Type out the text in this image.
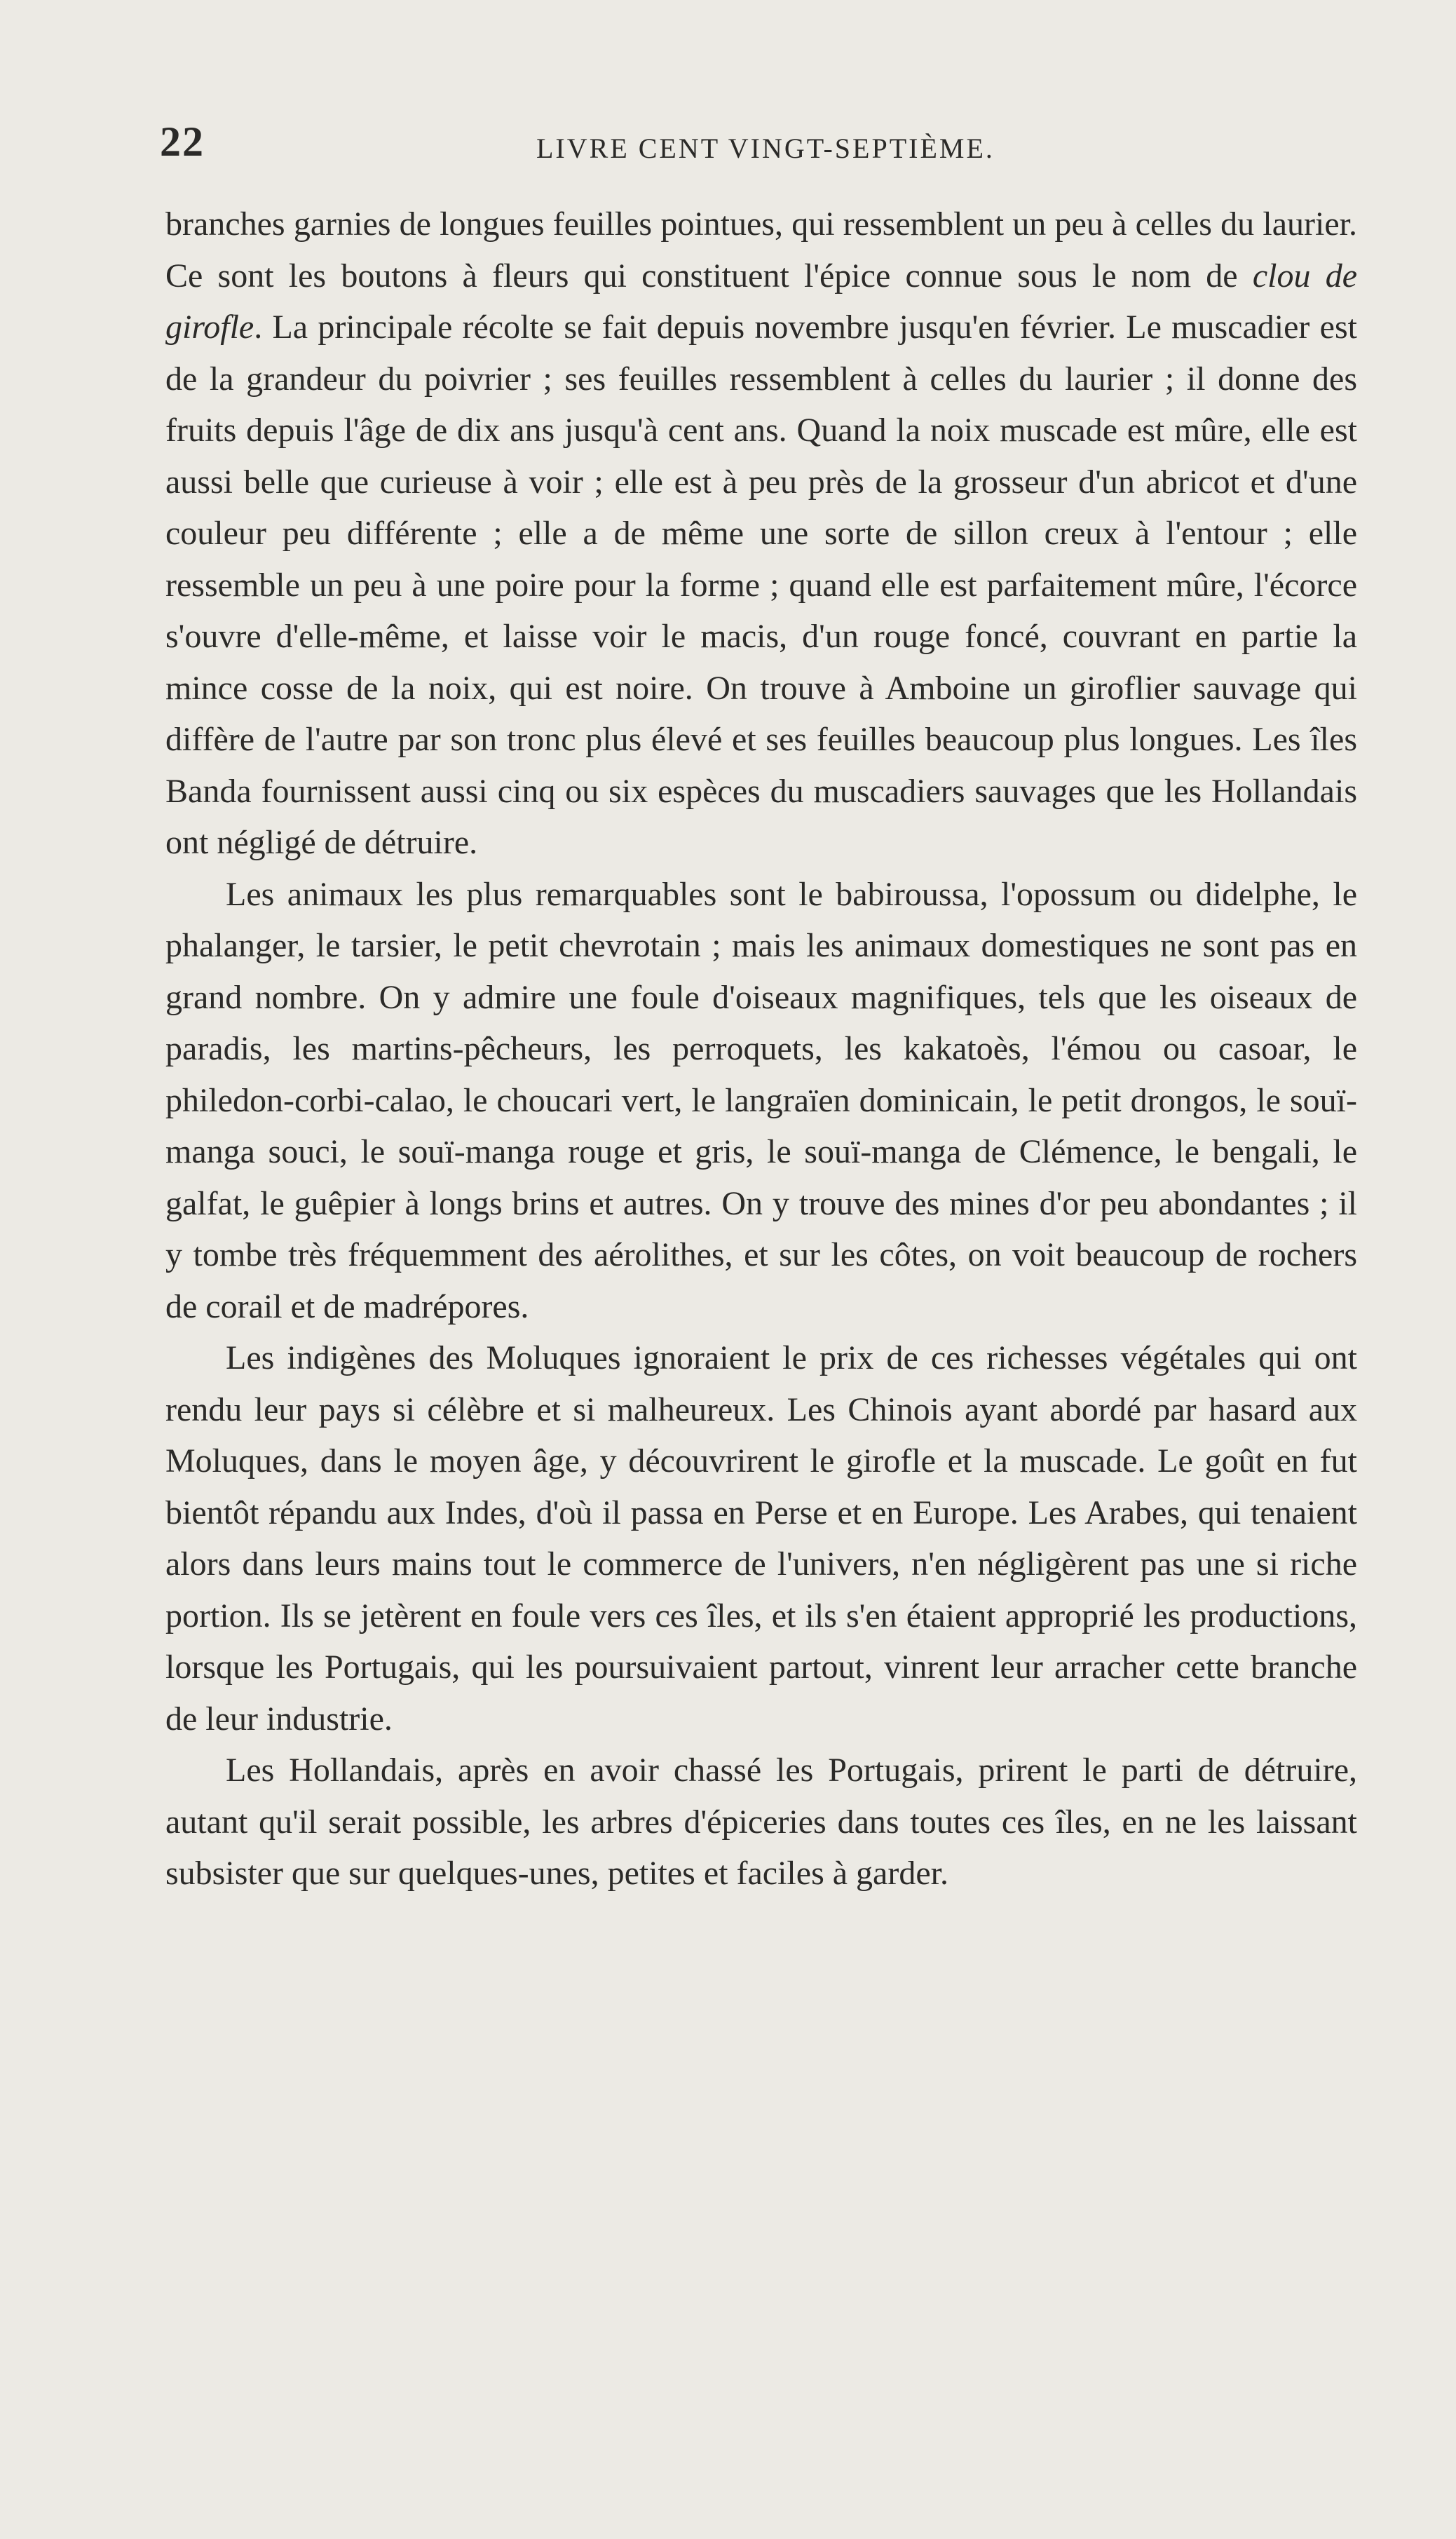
22	LIVRE CENT VINGT-SEPTIÈME.

branches garnies de longues feuilles pointues, qui ressemblent un peu à celles du laurier. Ce sont les boutons à fleurs qui constituent l'épice connue sous le nom de clou de girofle. La principale récolte se fait depuis novembre jusqu'en février. Le muscadier est de la grandeur du poivrier ; ses feuilles ressemblent à celles du laurier ; il donne des fruits depuis l'âge de dix ans jusqu'à cent ans. Quand la noix muscade est mûre, elle est aussi belle que curieuse à voir ; elle est à peu près de la grosseur d'un abricot et d'une couleur peu différente ; elle a de même une sorte de sillon creux à l'entour ; elle ressemble un peu à une poire pour la forme ; quand elle est parfaitement mûre, l'écorce s'ouvre d'elle-même, et laisse voir le macis, d'un rouge foncé, couvrant en partie la mince cosse de la noix, qui est noire. On trouve à Amboine un giroflier sauvage qui diffère de l'autre par son tronc plus élevé et ses feuilles beaucoup plus longues. Les îles Banda fournissent aussi cinq ou six espèces du muscadiers sauvages que les Hollandais ont négligé de détruire.

Les animaux les plus remarquables sont le babiroussa, l'opossum ou didelphe, le phalanger, le tarsier, le petit chevrotain ; mais les animaux domestiques ne sont pas en grand nombre. On y admire une foule d'oiseaux magnifiques, tels que les oiseaux de paradis, les martins-pêcheurs, les perroquets, les kakatoès, l'émou ou casoar, le philedon-corbi-calao, le choucari vert, le langraïen dominicain, le petit drongos, le souï-manga souci, le souï-manga rouge et gris, le souï-manga de Clémence, le bengali, le galfat, le guêpier à longs brins et autres. On y trouve des mines d'or peu abondantes ; il y tombe très fréquemment des aérolithes, et sur les côtes, on voit beaucoup de rochers de corail et de madrépores.

Les indigènes des Moluques ignoraient le prix de ces richesses végétales qui ont rendu leur pays si célèbre et si malheureux. Les Chinois ayant abordé par hasard aux Moluques, dans le moyen âge, y découvrirent le girofle et la muscade. Le goût en fut bientôt répandu aux Indes, d'où il passa en Perse et en Europe. Les Arabes, qui tenaient alors dans leurs mains tout le commerce de l'univers, n'en négligèrent pas une si riche portion. Ils se jetèrent en foule vers ces îles, et ils s'en étaient approprié les productions, lorsque les Portugais, qui les poursuivaient partout, vinrent leur arracher cette branche de leur industrie.

Les Hollandais, après en avoir chassé les Portugais, prirent le parti de détruire, autant qu'il serait possible, les arbres d'épiceries dans toutes ces îles, en ne les laissant subsister que sur quelques-unes, petites et faciles à garder.
